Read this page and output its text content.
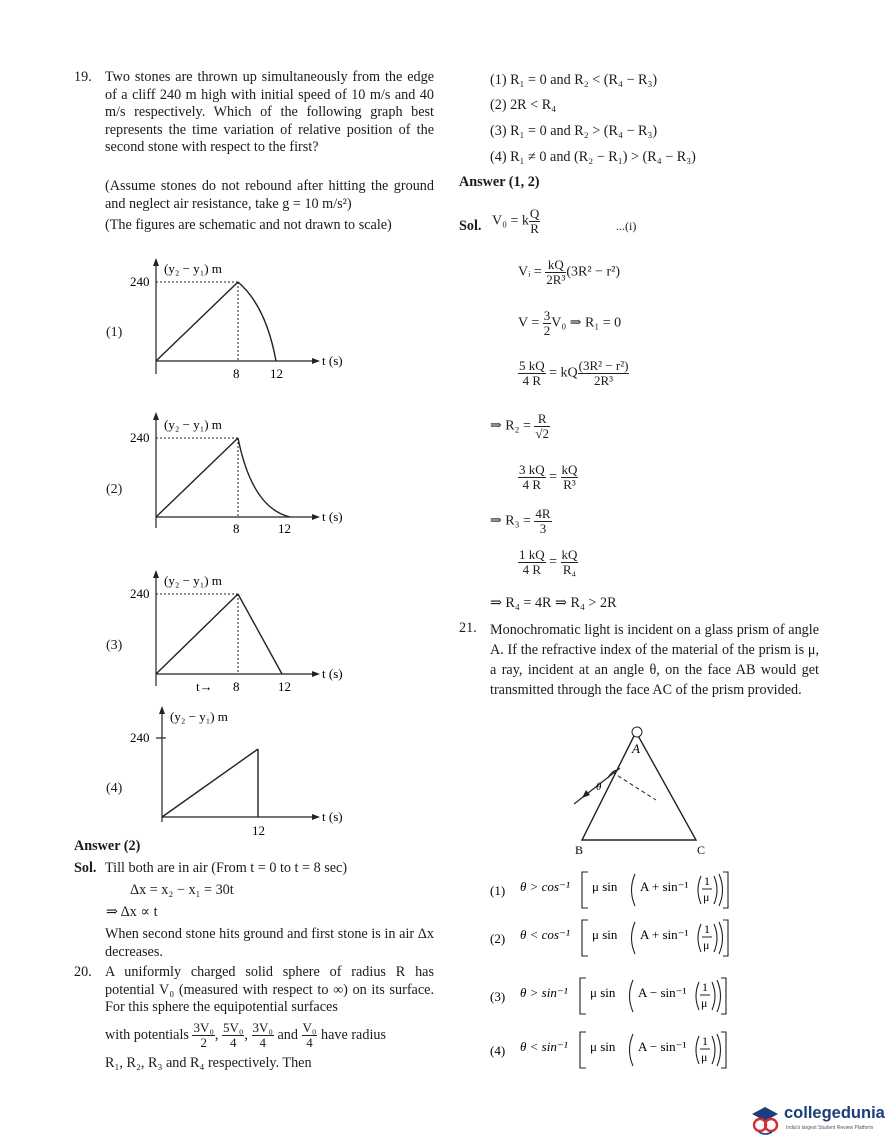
19. Two stones are thrown up simultaneously from the edge of a cliff 240 m high with initial speed of 10 m/s and 40 m/s respectively. Which of the following graph best represents the time variation of relative position of the second stone with respect to the first?

(Assume stones do not rebound after hitting the ground and neglect air resistance, take g = 10 m/s²)

(The figures are schematic and not drawn to scale)

(1)
(y₂ − y₁) m
240
t (s)
8 12
(2)
(y₂ − y₁) m
240
t (s)
8	12
(3)
(y₂ − y₁) m
240
t (s)
t→ 8	12
(4)
(y₂ − y₁) m
240
t (s)
12
Answer (2)
Sol. Till both are in air (From t = 0 to t = 8 sec)

Δx = x₂ − x₁ = 30t

⇒ Δx ∝ t

When second stone hits ground and first stone is in air Δx decreases.

20. A uniformly charged solid sphere of radius R has potential V₀ (measured with respect to ∞) on its surface. For this sphere the equipotential surfaces

with potentials $\frac{\text{3V₀}}{2}$ , $\frac{\text{5V₀}}{4}$ , $\frac{\text{3V₀}}{4}$ and $\frac{\text{V₀}}{4}$ have radius

R₁, R₂, R₃ and R₄ respectively. Then

(1) R₁ = 0 and R₂ < (R₄ − R₃)

(2) 2R < R₄

(3) R₁ = 0 and R₂ > (R₄ − R₃)

(4) R₁ ≠ 0 and (R₂ − R₁) > (R₄ − R₃)

Answer (1, 2)
Sol. V₀ = k $\frac{Q}{R}$	...(i)
Vᵢ = $\frac{kQ}{\text{2R³}} (3R^2 - r^2)$
$V = \frac{3}{2} V_0$ ⇒ R₁ = 0
$\frac{5 kQ}{4 R}$ = kQ $\frac{\text{(3R² − r²)}}{\text{2R³}}$
⇒ $R_2 = \frac{R}{√2}$
$\frac{3 kQ}{4 R} = \frac{kQ}{\text{R³}}$
⇒ $R_3 = \frac{4R}{3}$
$\frac{1 kQ}{4 R} = \frac{kQ}{\text{R₄}}$

⇒ R₄ = 4R ⇒ R₄ > 2R

21. Monochromatic light is incident on a glass prism of angle A. If the refractive index of the material of the prism is μ, a ray, incident at an angle θ, on the face AB would get transmitted through the face AC of the prism provided.

A
θ
B	C
(1) θ > cos⁻¹ μ sin A + sin⁻¹ 1
μ
(2) θ < cos⁻¹ μ sin A + sin⁻¹ 1
μ
(3) θ > sin⁻¹ μ sin A − sin⁻¹ 1
μ
(4) θ < sin⁻¹ μ sin A − sin⁻¹ 1
μ
collegedunia
India's largest Student Review Platform
